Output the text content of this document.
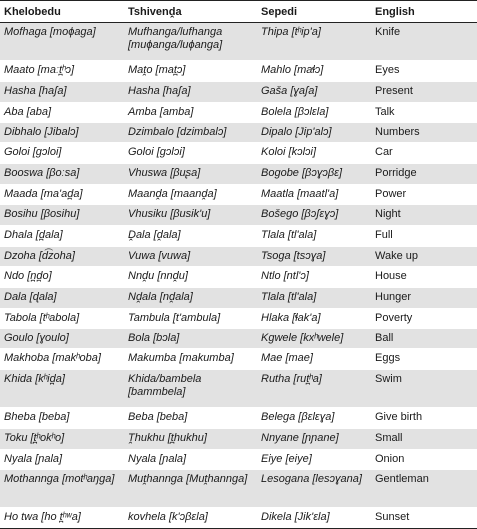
Khelobedu	Tshivenḓa	Sepedi	English

Mofhaga [moɸaga]	Mufhanga/lufhanga [muɸanga/luɸanga]	Thipa [tʰip'a]	Knife

Maato [maːt̪ʰɔ]	Maṱo [mat̪ɔ]	Mahlo [maɬɔ]	Eyes

Hasha [haʃa]	Hasha [haʃa]	Gaša [ɣaʃa]	Present

Aba [aba]	Amba [amba]	Bolela [βɔlɛla]	Talk

Dibhalo [Jibalɔ]	Dzimbalo [dzimbalɔ]	Dipalo [Jip'alɔ]	Numbers

Goloi [gɔloi]	Goloi [gɔlɔi]	Koloi [kɔlɔi]	Car

Booswa [βoːsa]	Vhuswa [βuʂa]	Bogobe [βɔɣɔβɛ]	Porridge

Maada [ma'ad̪a]	Maanḓa [maanḓa]	Maatla [maatl'a]	Power

Bosihu [βosihu]	Vhusiku [βusik'u]	Bošego [βɔʃɛɣɔ]	Night

Dhala [d̪ala]	Ḓala [ḓala]	Tlala [tl'ala]	Full

Dzoha [d͡zoha]	Vuwa [vuwa]	Tsoga [tsɔɣa]	Wake up

Ndo [n̪d̪o]	Nnḓu [nnḓu]	Ntlo [ntl'ɔ]	House

Dala [ɖala]	Nḓala [nḓala]	Tlala [tl'ala]	Hunger

Tabola [tʰabola]	Tambula [t'ambula]	Hlaka [ɬak'a]	Poverty

Goulo [ɣoulo]	Bola [bɔla]	Kgwele [kxʰwele]	Ball

Makhoba [makʰoba]	Makumba [makumba]	Mae [mae]	Eggs

Khida [kʰid̪a]	Khida/bambela [bammbela]	Rutha [rut̪ʰa]	Swim

Bheba [beba]	Beba [beba]	Belega [βɛlɛɣa]	Give birth

Toku [t̪ʰokʰo]	Ṱhukhu [t̪hukhu]	Nnyane [ɲɲane]	Small

Nyala [ɲala]	Nyala [ɲala]	Eiye [eiye]	Onion

Mothannga [motʰaŋga]	Muṱhannga [Muṱhannga]	Lesogana [lesɔɣana]	Gentleman

Ho twa [ho t̪ʰʷa]	kovhela [k'ɔβɛla]	Dikela [Jik'ɛla]	Sunset
